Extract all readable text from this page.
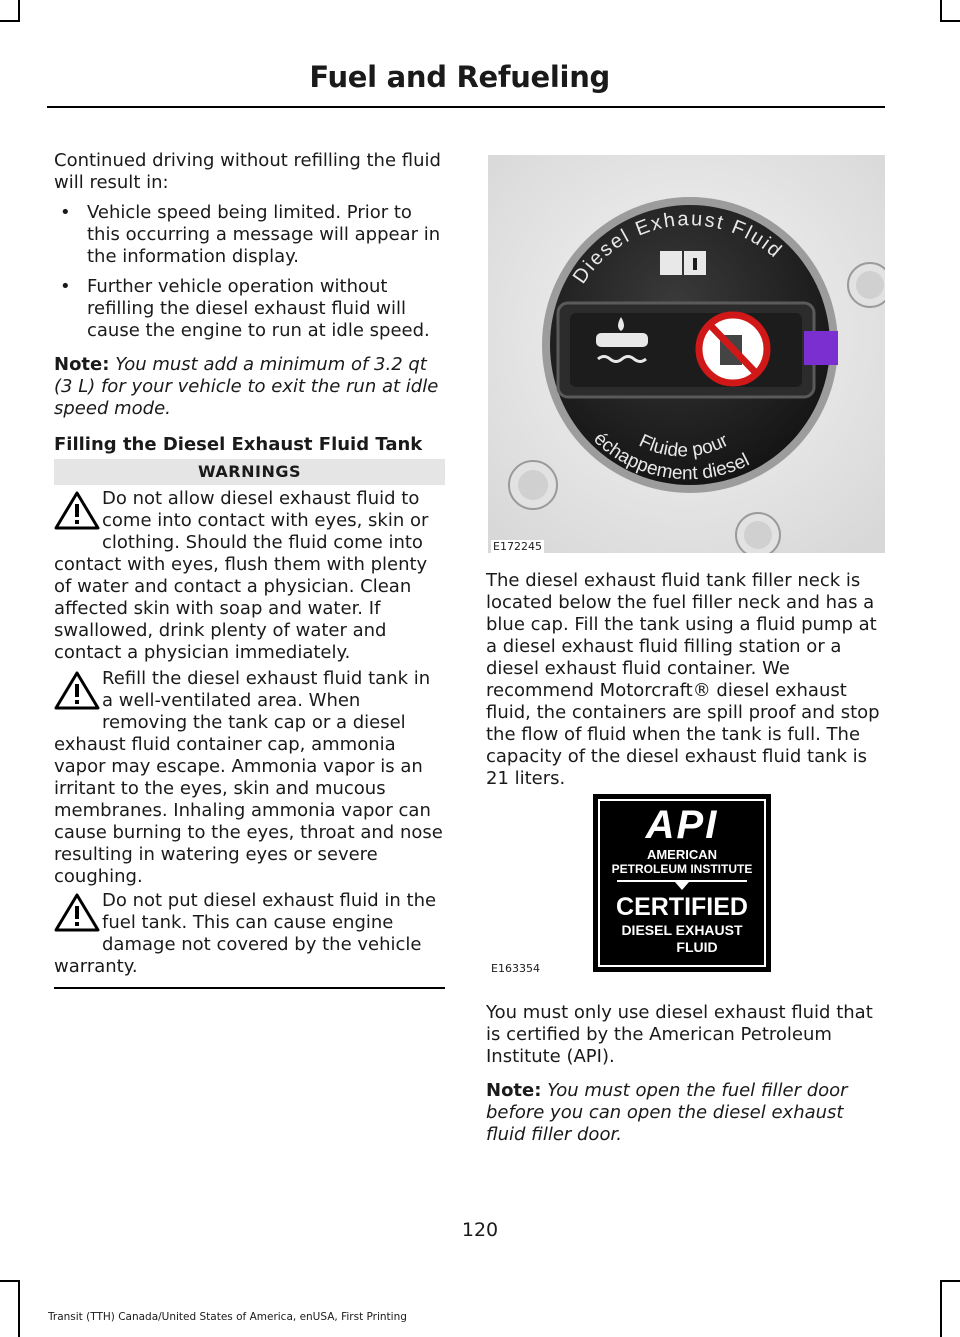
Fuel and Refueling

Continued driving without refilling the fluid will result in:

• Vehicle speed being limited. Prior to this occurring a message will appear in the information display.
• Further vehicle operation without refilling the diesel exhaust fluid will cause the engine to run at idle speed.

Note: You must add a minimum of 3.2 qt (3 L) for your vehicle to exit the run at idle speed mode.

Filling the Diesel Exhaust Fluid Tank

WARNINGS
Do not allow diesel exhaust fluid to
come into contact with eyes, skin or
clothing. Should the fluid come into
contact with eyes, flush them with plenty of water and contact a physician. Clean affected skin with soap and water. If swallowed, drink plenty of water and contact a physician immediately.
Refill the diesel exhaust fluid tank in
a well-ventilated area. When
removing the tank cap or a diesel
exhaust fluid container cap, ammonia vapor may escape. Ammonia vapor is an irritant to the eyes, skin and mucous membranes. Inhaling ammonia vapor can cause burning to the eyes, throat and nose resulting in watering eyes or severe coughing.
Do not put diesel exhaust fluid in the
fuel tank. This can cause engine
damage not covered by the vehicle
warranty.
Diesel Exhaust Fluid
Fluide pour
échappement diesel
E172245

The diesel exhaust fluid tank filler neck is located below the fuel filler neck and has a blue cap. Fill the tank using a fluid pump at a diesel exhaust fluid filling station or a diesel exhaust fluid container. We recommend Motorcraft® diesel exhaust fluid, the containers are spill proof and stop the flow of fluid when the tank is full. The capacity of the diesel exhaust fluid tank is 21 liters.

API
AMERICAN
PETROLEUM INSTITUTE
CERTIFIED
DIESEL EXHAUST
FLUID
E163354

You must only use diesel exhaust fluid that is certified by the American Petroleum Institute (API).

Note: You must open the fuel filler door before you can open the diesel exhaust fluid filler door.

120
Transit (TTH) Canada/United States of America, enUSA, First Printing
